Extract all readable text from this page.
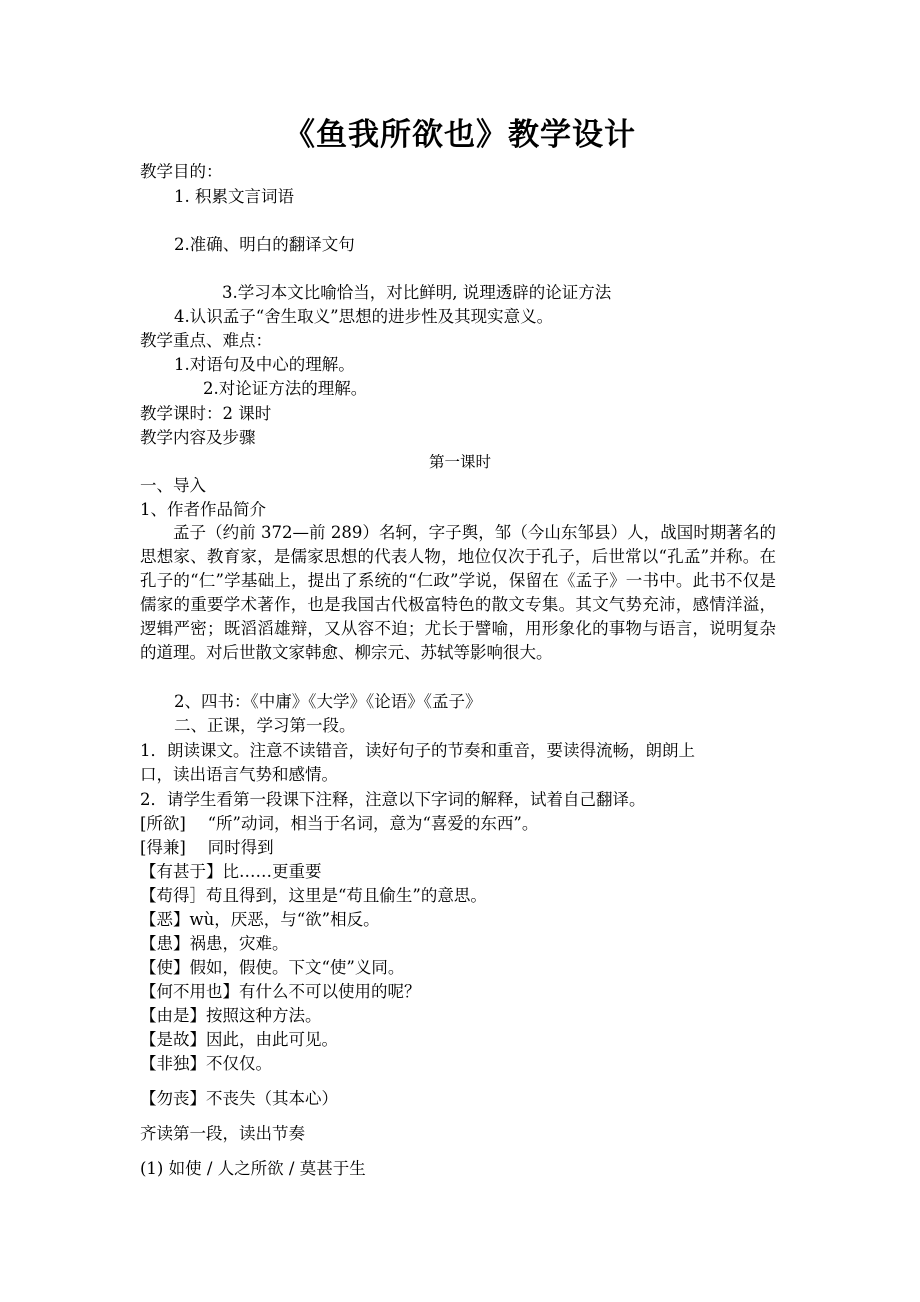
《鱼我所欲也》教学设计
教学目的：
1. 积累文言词语
2.准确、明白的翻译文句
3.学习本文比喻恰当，对比鲜明, 说理透辟的论证方法
4.认识孟子“舍生取义”思想的进步性及其现实意义。
教学重点、难点：
1.对语句及中心的理解。
2.对论证方法的理解。
教学课时：2 课时
教学内容及步骤
第一课时
一、导入
1、作者作品简介
孟子（约前 372—前 289）名轲，字子舆，邹（今山东邹县）人，战国时期著名的思想家、教育家，是儒家思想的代表人物，地位仅次于孔子，后世常以“孔孟”并称。在孔子的“仁”学基础上，提出了系统的“仁政”学说，保留在《孟子》一书中。此书不仅是儒家的重要学术著作，也是我国古代极富特色的散文专集。其文气势充沛，感情洋溢，逻辑严密；既滔滔雄辩，又从容不迫；尤长于譬喻，用形象化的事物与语言，说明复杂的道理。对后世散文家韩愈、柳宗元、苏轼等影响很大。
2、四书：《中庸》《大学》《论语》《孟子》
二、正课，学习第一段。
1．朗读课文。注意不读错音，读好句子的节奏和重音，要读得流畅，朗朗上
口，读出语言气势和感情。
2．请学生看第一段课下注释，注意以下字词的解释，试着自己翻译。
[所欲]　 “所”动词，相当于名词，意为“喜爱的东西”。
[得兼]　 同时得到
【有甚于】比……更重要
【苟得］苟且得到，这里是“苟且偷生”的意思。
【恶】wù，厌恶，与“欲”相反。
【患】祸患，灾难。
【使】假如，假使。下文“使”义同。
【何不用也】有什么不可以使用的呢？
【由是】按照这种方法。
【是故】因此，由此可见。
【非独】不仅仅。
【勿丧】不丧失（其本心）
齐读第一段，读出节奏
(1) 如使 / 人之所欲 / 莫甚于生
